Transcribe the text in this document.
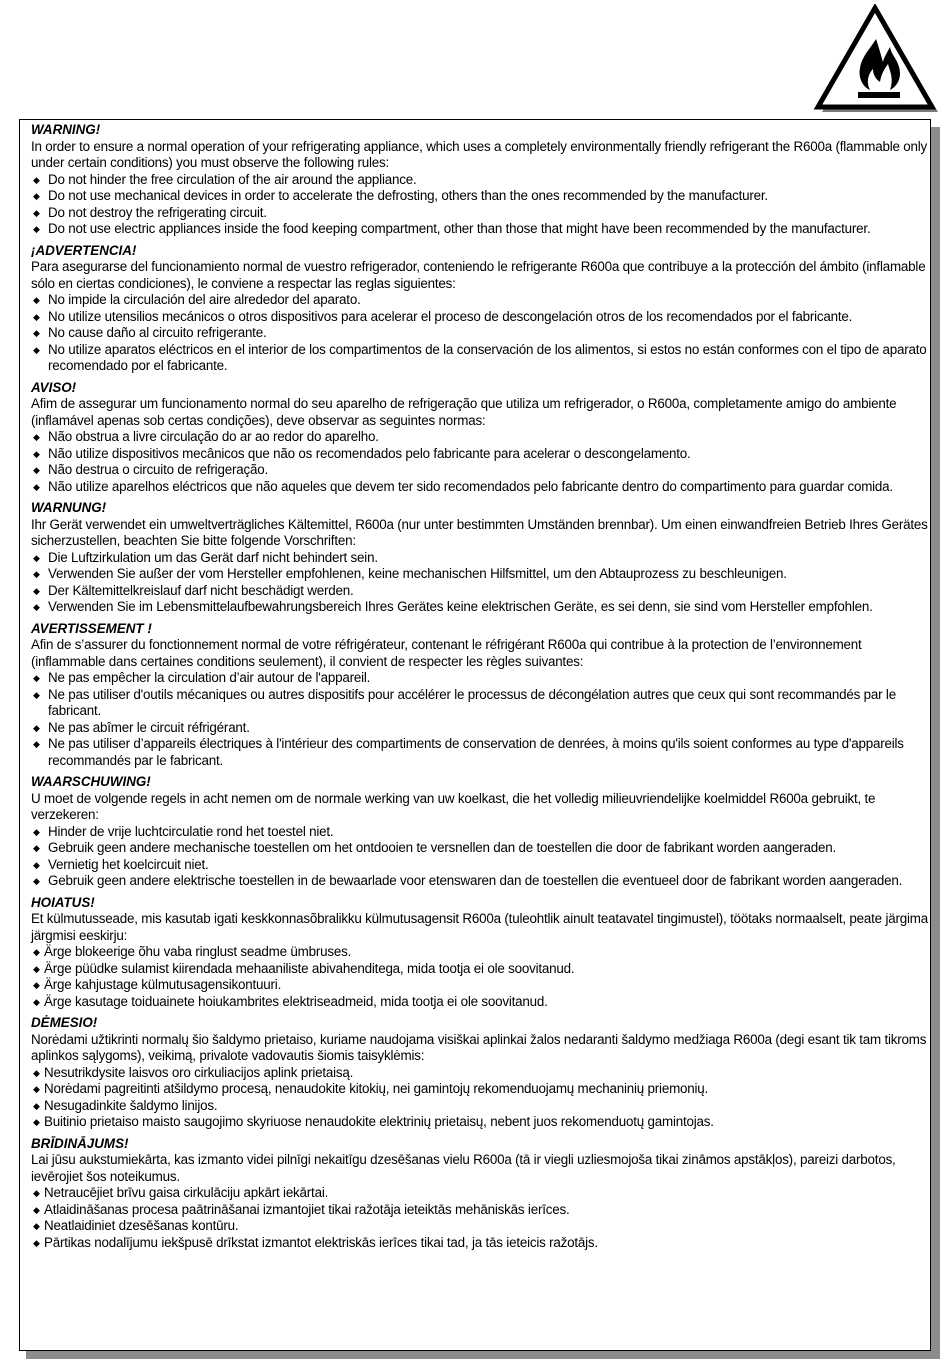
WARNING!
In order to ensure a normal operation of your refrigerating appliance, which uses a completely environmentally friendly refrigerant the R600a (flammable only under certain conditions) you must observe the following rules:
◆ Do not hinder the free circulation of the air around the appliance.
◆ Do not use mechanical devices in order to accelerate the defrosting, others than the ones recommended by the manufacturer.
◆ Do not destroy the refrigerating circuit.
◆ Do not use electric appliances inside the food keeping compartment, other than those that might have been recommended by the manufacturer.
¡ADVERTENCIA!
Para asegurarse del funcionamiento normal de vuestro refrigerador, conteniendo le refrigerante R600a que contribuye a la protección del ámbito (inflamable sólo en ciertas condiciones), le conviene a respectar las reglas siguientes:
◆ No impide la circulación del aire alrededor del aparato.
◆ No utilize utensilios mecánicos o otros dispositivos para acelerar el proceso de descongelación otros de los recomendados por el fabricante.
◆ No cause daño al circuito refrigerante.
◆ No utilize aparatos eléctricos en el interior de los compartimentos de la conservación de los alimentos, si estos no están conformes con el tipo de aparato recomendado por el fabricante.
AVISO!
Afim de assegurar um funcionamento normal do seu aparelho de refrigeração que utiliza um refrigerador, o R600a, completamente amigo do ambiente (inflamável apenas sob certas condições), deve observar as seguintes normas:
◆ Não obstrua a livre circulação do ar ao redor do aparelho.
◆ Não utilize dispositivos mecânicos que não os recomendados pelo fabricante para acelerar o descongelamento.
◆ Não destrua o circuito de refrigeração.
◆ Não utilize aparelhos eléctricos que não aqueles que devem ter sido recomendados pelo fabricante dentro do compartimento para guardar comida.
WARNUNG!
Ihr Gerät verwendet ein umweltverträgliches Kältemittel, R600a (nur unter bestimmten Umständen brennbar). Um einen einwandfreien Betrieb Ihres Gerätes sicherzustellen, beachten Sie bitte folgende Vorschriften:
◆ Die Luftzirkulation um das Gerät darf nicht behindert sein.
◆ Verwenden Sie außer der vom Hersteller empfohlenen, keine mechanischen Hilfsmittel, um den Abtauprozess zu beschleunigen.
◆ Der Kältemittelkreislauf darf nicht beschädigt werden.
◆ Verwenden Sie im Lebensmittelaufbewahrungsbereich Ihres Gerätes keine elektrischen Geräte, es sei denn, sie sind vom Hersteller empfohlen.
AVERTISSEMENT !
Afin de s’assurer du fonctionnement normal de votre réfrigérateur, contenant le réfrigérant R600a qui contribue à la protection de l’environnement (inflammable dans certaines conditions seulement), il convient de respecter les règles suivantes:
◆ Ne pas empêcher la circulation d’air autour de l'appareil.
◆ Ne pas utiliser d'outils mécaniques ou autres dispositifs pour accélérer le processus de décongélation autres que ceux qui sont recommandés par le fabricant.
◆ Ne pas abîmer le circuit réfrigérant.
◆ Ne pas utiliser d’appareils électriques à l'intérieur des compartiments de conservation de denrées, à moins qu'ils soient conformes au type d'appareils recommandés par le fabricant.
WAARSCHUWING!
U moet de volgende regels in acht nemen om de normale werking van uw koelkast, die het volledig milieuvriendelijke koelmiddel R600a gebruikt, te verzekeren:
◆ Hinder de vrije luchtcirculatie rond het toestel niet.
◆ Gebruik geen andere mechanische toestellen om het ontdooien te versnellen dan de toestellen die door de fabrikant worden aangeraden.
◆ Vernietig het koelcircuit niet.
◆ Gebruik geen andere elektrische toestellen in de bewaarlade voor etenswaren dan de toestellen die eventueel door de fabrikant worden aangeraden.
HOIATUS!
Et külmutusseade, mis kasutab igati keskkonnasõbralikku külmutusagensit R600a (tuleohtlik ainult teatavatel tingimustel), töötaks normaalselt, peate järgima järgmisi eeskirju:
◆ Ärge blokeerige õhu vaba ringlust seadme ümbruses.
◆ Ärge püüdke sulamist kiirendada mehaaniliste abivahenditega, mida tootja ei ole soovitanud.
◆ Ärge kahjustage külmutusagensikontuuri.
◆ Ärge kasutage toiduainete hoiukambrites elektriseadmeid, mida tootja ei ole soovitanud.
DĖMESIO!
Norėdami užtikrinti normalų šio šaldymo prietaiso, kuriame naudojama visiškai aplinkai žalos nedaranti šaldymo medžiaga R600a (degi esant tik tam tikroms aplinkos sąlygoms), veikimą, privalote vadovautis šiomis taisyklėmis:
◆ Nesutrikdysite laisvos oro cirkuliacijos aplink prietaisą.
◆ Norėdami pagreitinti atšildymo procesą, nenaudokite kitokių, nei gamintojų rekomenduojamų mechaninių priemonių.
◆ Nesugadinkite šaldymo linijos.
◆ Buitinio prietaiso maisto saugojimo skyriuose nenaudokite elektrinių prietaisų, nebent juos rekomenduotų gamintojas.
BRĪDINĀJUMS!
Lai jūsu aukstumiekārta, kas izmanto videi pilnīgi nekaitīgu dzesēšanas vielu R600a (tā ir viegli uzliesmojoša tikai zināmos apstākļos), pareizi darbotos, ievērojiet šos noteikumus.
◆ Netraucējiet brīvu gaisa cirkulāciju apkārt iekārtai.
◆ Atlaidināšanas procesa paātrināšanai izmantojiet tikai ražotāja ieteiktās mehāniskās ierīces.
◆ Neatlaidiniet dzesēšanas kontūru.
◆ Pārtikas nodalījumu iekšpusē drīkstat izmantot elektriskās ierīces tikai tad, ja tās ieteicis ražotājs.
